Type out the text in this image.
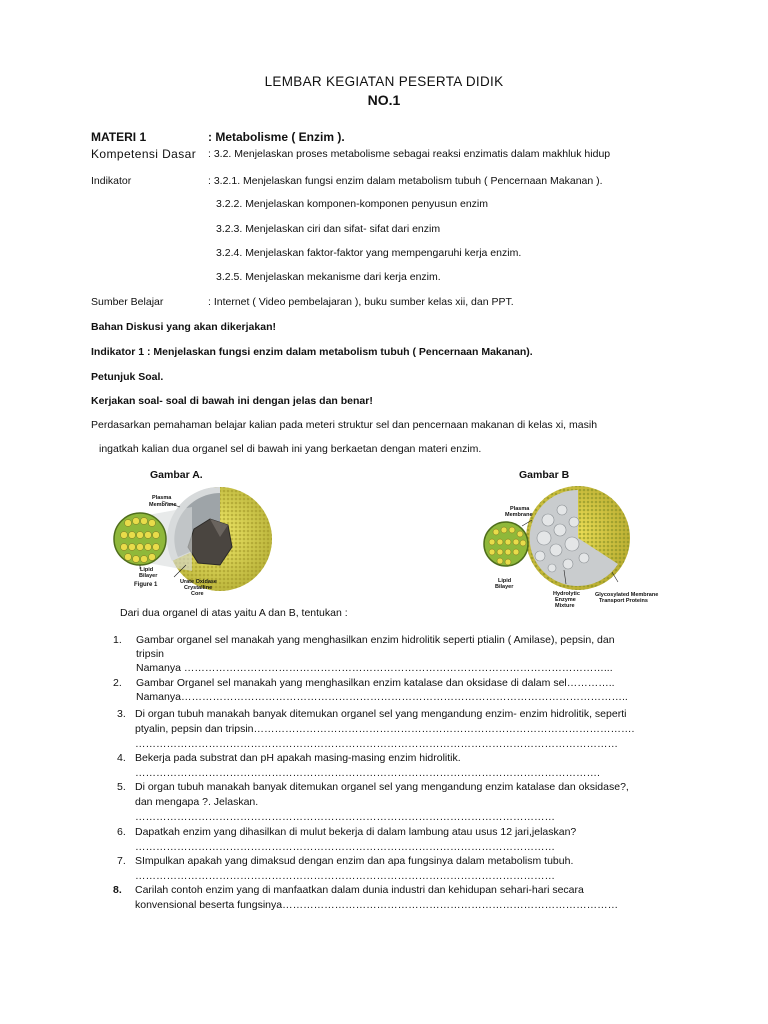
LEMBAR KEGIATAN PESERTA DIDIK
NO.1
MATERI 1	: Metabolisme ( Enzim ).
Kompetensi Dasar : 3.2. Menjelaskan proses metabolisme sebagai reaksi enzimatis dalam makhluk hidup
Indikator	: 3.2.1. Menjelaskan fungsi enzim dalam metabolism tubuh ( Pencernaan Makanan ).
3.2.2. Menjelaskan komponen-komponen penyusun enzim
3.2.3. Menjelaskan ciri dan sifat- sifat dari enzim
3.2.4. Menjelaskan faktor-faktor yang mempengaruhi kerja enzim.
3.2.5. Menjelaskan mekanisme dari kerja enzim.
Sumber Belajar	: Internet ( Video pembelajaran ), buku sumber kelas xii, dan PPT.
Bahan Diskusi yang akan dikerjakan!
Indikator 1 : Menjelaskan fungsi enzim dalam metabolism tubuh ( Pencernaan Makanan).
Petunjuk Soal.
Kerjakan soal- soal di bawah ini dengan jelas dan benar!
Perdasarkan pemahaman belajar kalian pada meteri struktur sel dan pencernaan makanan di kelas xi, masih
ingatkah kalian dua organel sel di bawah ini yang berkaetan dengan materi enzim.
Gambar A.	Gambar B
Plasma
Membrane
Lipid
Bilayer
Figure 1	Urate Oxidase
Crystalline
Core
Plasma
Membrane
Lipid
Bilayer
Hydrolytic
Enzyme
Mixture
Glycosylated Membrane
Transport Proteins
Dari dua organel di atas yaitu A dan B, tentukan :
1. Gambar organel sel manakah yang menghasilkan enzim hidrolitik seperti ptialin ( Amilase), pepsin, dan
tripsin
Namanya …………………………………………………………………………………………………………...
2. Gambar Organel sel manakah yang menghasilkan enzim katalase dan oksidase di dalam sel…………..
Namanya………………………………………………………………………………………………………………..
3. Di organ tubuh manakah banyak ditemukan organel sel yang mengandung enzim- enzim hidrolitik, seperti
ptyalin, pepsin dan tripsin……………………………………………………………………………………………….
…………………………………………………………………………………………………………………………
4. Bekerja pada substrat dan pH apakah masing-masing enzim hidrolitik.
…………………………………………………………………………………………………………………….
5. Di organ tubuh manakah banyak ditemukan organel sel yang mengandung enzim katalase dan oksidase?,
dan mengapa ?. Jelaskan.
…………………………………………………………………………………………………………
6. Dapatkah enzim yang dihasilkan di mulut bekerja di dalam lambung atau usus 12 jari,jelaskan?
…………………………………………………………………………………………………………
7. SImpulkan apakah yang dimaksud dengan enzim dan apa fungsinya dalam metabolism tubuh.
…………………………………………………………………………………………………………
8. Carilah contoh enzim yang di manfaatkan dalam dunia industri dan kehidupan sehari-hari secara
konvensional beserta fungsinya……………………………………………………………………………………
